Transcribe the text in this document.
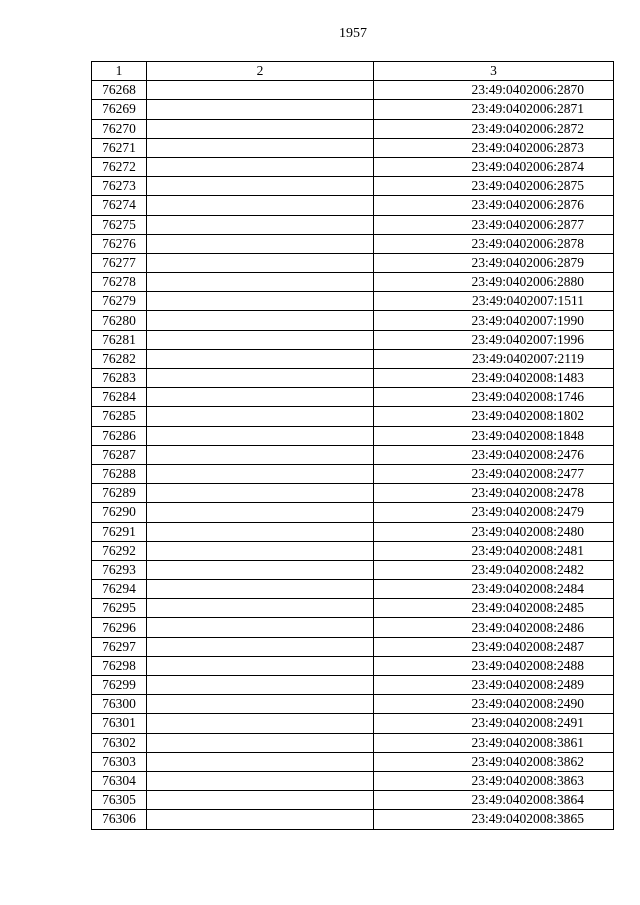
1957
1	2	3
76268		23:49:0402006:2870
76269		23:49:0402006:2871
76270		23:49:0402006:2872
76271		23:49:0402006:2873
76272		23:49:0402006:2874
76273		23:49:0402006:2875
76274		23:49:0402006:2876
76275		23:49:0402006:2877
76276		23:49:0402006:2878
76277		23:49:0402006:2879
76278		23:49:0402006:2880
76279		23:49:0402007:1511
76280		23:49:0402007:1990
76281		23:49:0402007:1996
76282		23:49:0402007:2119
76283		23:49:0402008:1483
76284		23:49:0402008:1746
76285		23:49:0402008:1802
76286		23:49:0402008:1848
76287		23:49:0402008:2476
76288		23:49:0402008:2477
76289		23:49:0402008:2478
76290		23:49:0402008:2479
76291		23:49:0402008:2480
76292		23:49:0402008:2481
76293		23:49:0402008:2482
76294		23:49:0402008:2484
76295		23:49:0402008:2485
76296		23:49:0402008:2486
76297		23:49:0402008:2487
76298		23:49:0402008:2488
76299		23:49:0402008:2489
76300		23:49:0402008:2490
76301		23:49:0402008:2491
76302		23:49:0402008:3861
76303		23:49:0402008:3862
76304		23:49:0402008:3863
76305		23:49:0402008:3864
76306		23:49:0402008:3865
